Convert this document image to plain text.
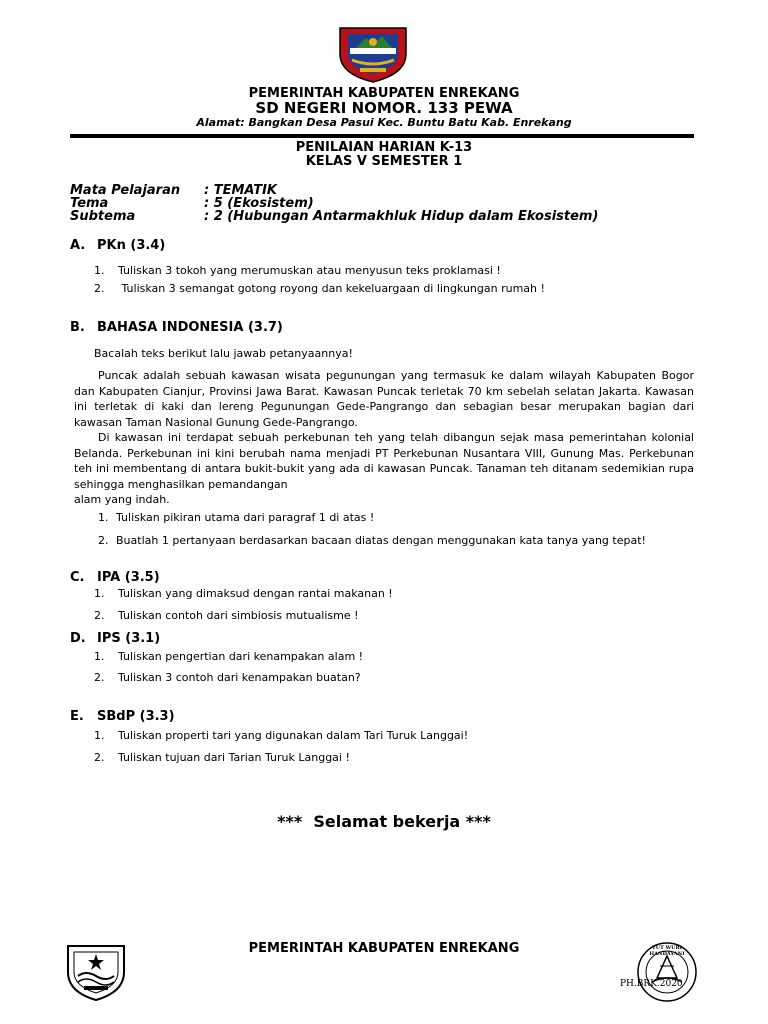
PEMERINTAH KABUPATEN ENREKANG
SD NEGERI NOMOR. 133 PEWA
Alamat: Bangkan Desa Pasui Kec. Buntu Batu Kab. Enrekang
PENILAIAN HARIAN K-13
KELAS V SEMESTER 1
Mata Pelajaran : TEMATIK
Tema	: 5 (Ekosistem)
Subtema	: 2 (Hubungan Antarmakhluk Hidup dalam Ekosistem)
A. PKn (3.4)
1. Tuliskan 3 tokoh yang merumuskan atau menyusun teks proklamasi !
2. Tuliskan 3 semangat gotong royong dan kekeluargaan di lingkungan rumah !
B. BAHASA INDONESIA (3.7)
Bacalah teks berikut lalu jawab petanyaannya!

Puncak adalah sebuah kawasan wisata pegunungan yang termasuk ke dalam wilayah Kabupaten Bogor dan Kabupaten Cianjur, Provinsi Jawa Barat. Kawasan Puncak terletak 70 km sebelah selatan Jakarta. Kawasan ini terletak di kaki dan lereng Pegunungan Gede-Pangrango dan sebagian besar merupakan bagian dari kawasan Taman Nasional Gunung Gede-Pangrango.

Di kawasan ini terdapat sebuah perkebunan teh yang telah dibangun sejak masa pemerintahan kolonial Belanda. Perkebunan ini kini berubah nama menjadi PT Perkebunan Nusantara VIII, Gunung Mas. Perkebunan teh ini membentang di antara bukit-bukit yang ada di kawasan Puncak. Tanaman teh ditanam sedemikian rupa sehingga menghasilkan pemandangan

alam yang indah.

1. Tuliskan pikiran utama dari paragraf 1 di atas !
2. Buatlah 1 pertanyaan berdasarkan bacaan diatas dengan menggunakan kata tanya yang tepat!
C. IPA (3.5)
1. Tuliskan yang dimaksud dengan rantai makanan !
2. Tuliskan contoh dari simbiosis mutualisme !
D. IPS (3.1)
1. Tuliskan pengertian dari kenampakan alam !
2. Tuliskan 3 contoh dari kenampakan buatan?
E. SBdP (3.3)
1. Tuliskan properti tari yang digunakan dalam Tari Turuk Langgai!
2. Tuliskan tujuan dari Tarian Turuk Langgai !
***  Selamat bekerja ***
PEMERINTAH KABUPATEN ENREKANG	TUT WURI HANDAYANI
PH.BRK.2020
